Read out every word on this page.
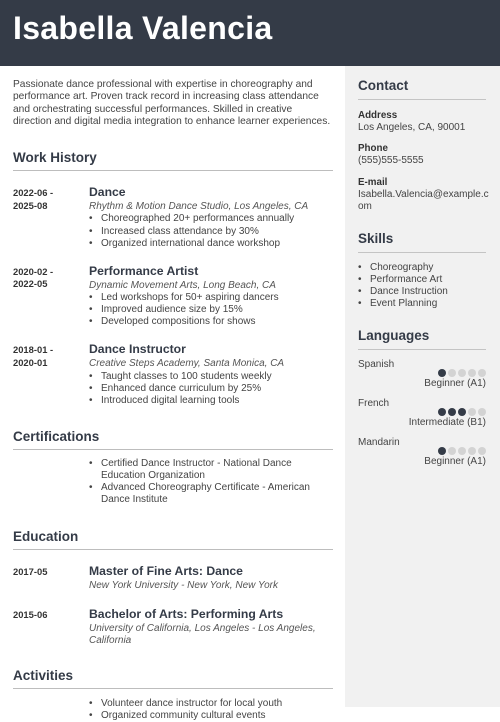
Isabella Valencia
Contact
Address
Los Angeles, CA, 90001
Phone
(555)555-5555
E-mail
Isabella.Valencia@example.com
Skills
• Choreography
• Performance Art
• Dance Instruction
• Event Planning
Languages
Spanish
Beginner (A1)
French
Intermediate (B1)
Mandarin
Beginner (A1)

Passionate dance professional with expertise in choreography and performance art. Proven track record in increasing class attendance and orchestrating successful performances. Skilled in creative direction and digital media integration to enhance learner experiences.

Work History
2022-06 - 2025-08
Dance
Rhythm & Motion Dance Studio, Los Angeles, CA
• Choreographed 20+ performances annually
• Increased class attendance by 30%
• Organized international dance workshop
2020-02 - 2022-05
Performance Artist
Dynamic Movement Arts, Long Beach, CA
• Led workshops for 50+ aspiring dancers
• Improved audience size by 15%
• Developed compositions for shows
2018-01 - 2020-01
Dance Instructor
Creative Steps Academy, Santa Monica, CA
• Taught classes to 100 students weekly
• Enhanced dance curriculum by 25%
• Introduced digital learning tools
Certifications
• Certified Dance Instructor - National Dance Education Organization
• Advanced Choreography Certificate - American Dance Institute
Education
2017-05	Master of Fine Arts: Dance
New York University - New York, New York
2015-06	Bachelor of Arts: Performing Arts
University of California, Los Angeles - Los Angeles, California
Activities
• Volunteer dance instructor for local youth
• Organized community cultural events
